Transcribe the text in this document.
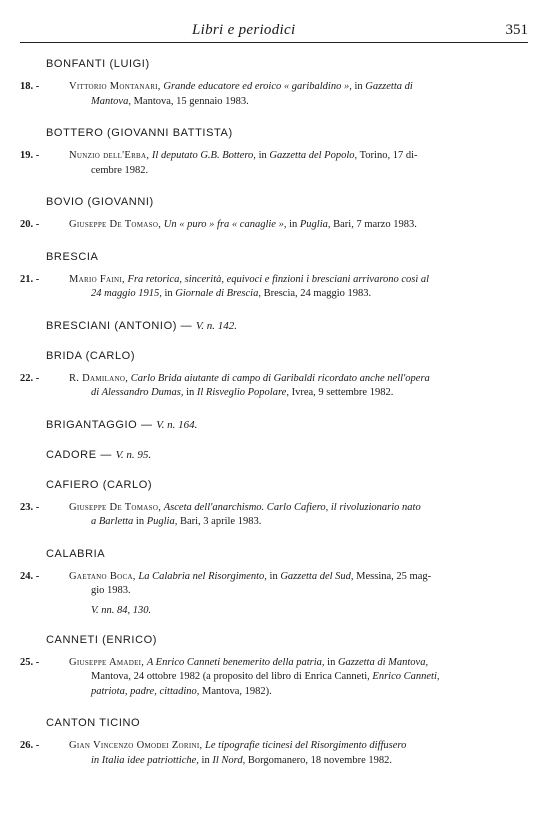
Libri e periodici	351
BONFANTI (LUIGI)
18. -	Vittorio Montanari, Grande educatore ed eroico « garibaldino », in Gazzetta di
Mantova, Mantova, 15 gennaio 1983.
BOTTERO (GIOVANNI BATTISTA)
19. -	Nunzio dell'Erba, Il deputato G.B. Bottero, in Gazzetta del Popolo, Torino, 17 di-
cembre 1982.
BOVIO (GIOVANNI)
20. -	Giuseppe De Tomaso, Un « puro » fra « canaglie », in Puglia, Bari, 7 marzo 1983.
BRESCIA
21. -	Mario Faini, Fra retorica, sincerità, equivoci e finzioni i bresciani arrivarono così al
24 maggio 1915, in Giornale di Brescia, Brescia, 24 maggio 1983.
BRESCIANI (ANTONIO) — V. n. 142.
BRIDA (CARLO)
22. -	R. Damilano, Carlo Brida aiutante di campo di Garibaldi ricordato anche nell'opera
di Alessandro Dumas, in Il Risveglio Popolare, Ivrea, 9 settembre 1982.
BRIGANTAGGIO — V. n. 164.
CADORE — V. n. 95.
CAFIERO (CARLO)
23. -	Giuseppe De Tomaso, Asceta dell'anarchismo. Carlo Cafiero, il rivoluzionario nato
a Barletta in Puglia, Bari, 3 aprile 1983.
CALABRIA
24. -	Gaetano Boca, La Calabria nel Risorgimento, in Gazzetta del Sud, Messina, 25 mag-
gio 1983.
V. nn. 84, 130.
CANNETI (ENRICO)
25. -	Giuseppe Amadei, A Enrico Canneti benemerito della patria, in Gazzetta di Mantova,
Mantova, 24 ottobre 1982 (a proposito del libro di Enrica Canneti, Enrico Canneti,
patriota, padre, cittadino, Mantova, 1982).
CANTON TICINO
26. -	Gian Vincenzo Omodei Zorini, Le tipografie ticinesi del Risorgimento diffusero
in Italia idee patriottiche, in Il Nord, Borgomanero, 18 novembre 1982.
